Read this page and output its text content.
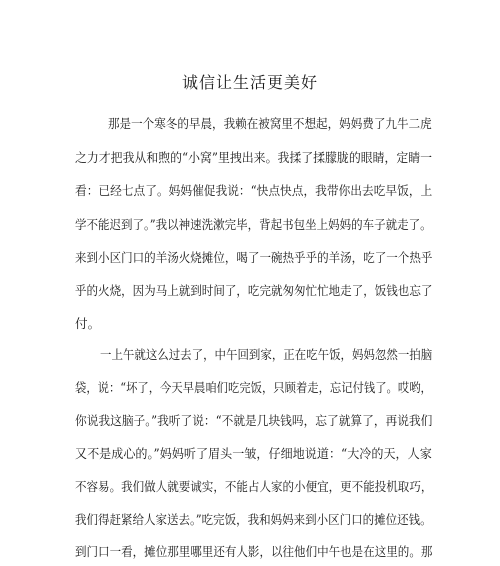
诚信让生活更美好
那是一个寒冬的早晨，我赖在被窝里不想起，妈妈费了九牛二虎
之力才把我从和煦的“小窝”里拽出来。我揉了揉朦胧的眼睛，定睛一
看：已经七点了。妈妈催促我说：“快点快点，我带你出去吃早饭，上
学不能迟到了。”我以神速洗漱完毕，背起书包坐上妈妈的车子就走了。
来到小区门口的羊汤火烧摊位，喝了一碗热乎乎的羊汤，吃了一个热乎
乎的火烧，因为马上就到时间了，吃完就匆匆忙忙地走了，饭钱也忘了
付。
一上午就这么过去了，中午回到家，正在吃午饭，妈妈忽然一拍脑
袋，说：“坏了，今天早晨咱们吃完饭，只顾着走，忘记付钱了。哎哟，
你说我这脑子。”我听了说：“不就是几块钱吗，忘了就算了，再说我们
又不是成心的。”妈妈听了眉头一皱，仔细地说道：“大冷的天，人家
不容易。我们做人就要诚实，不能占人家的小便宜，更不能投机取巧，
我们得赶紧给人家送去。”吃完饭，我和妈妈来到小区门口的摊位还钱。
到门口一看，摊位那里哪里还有人影，以往他们中午也是在这里的。那
